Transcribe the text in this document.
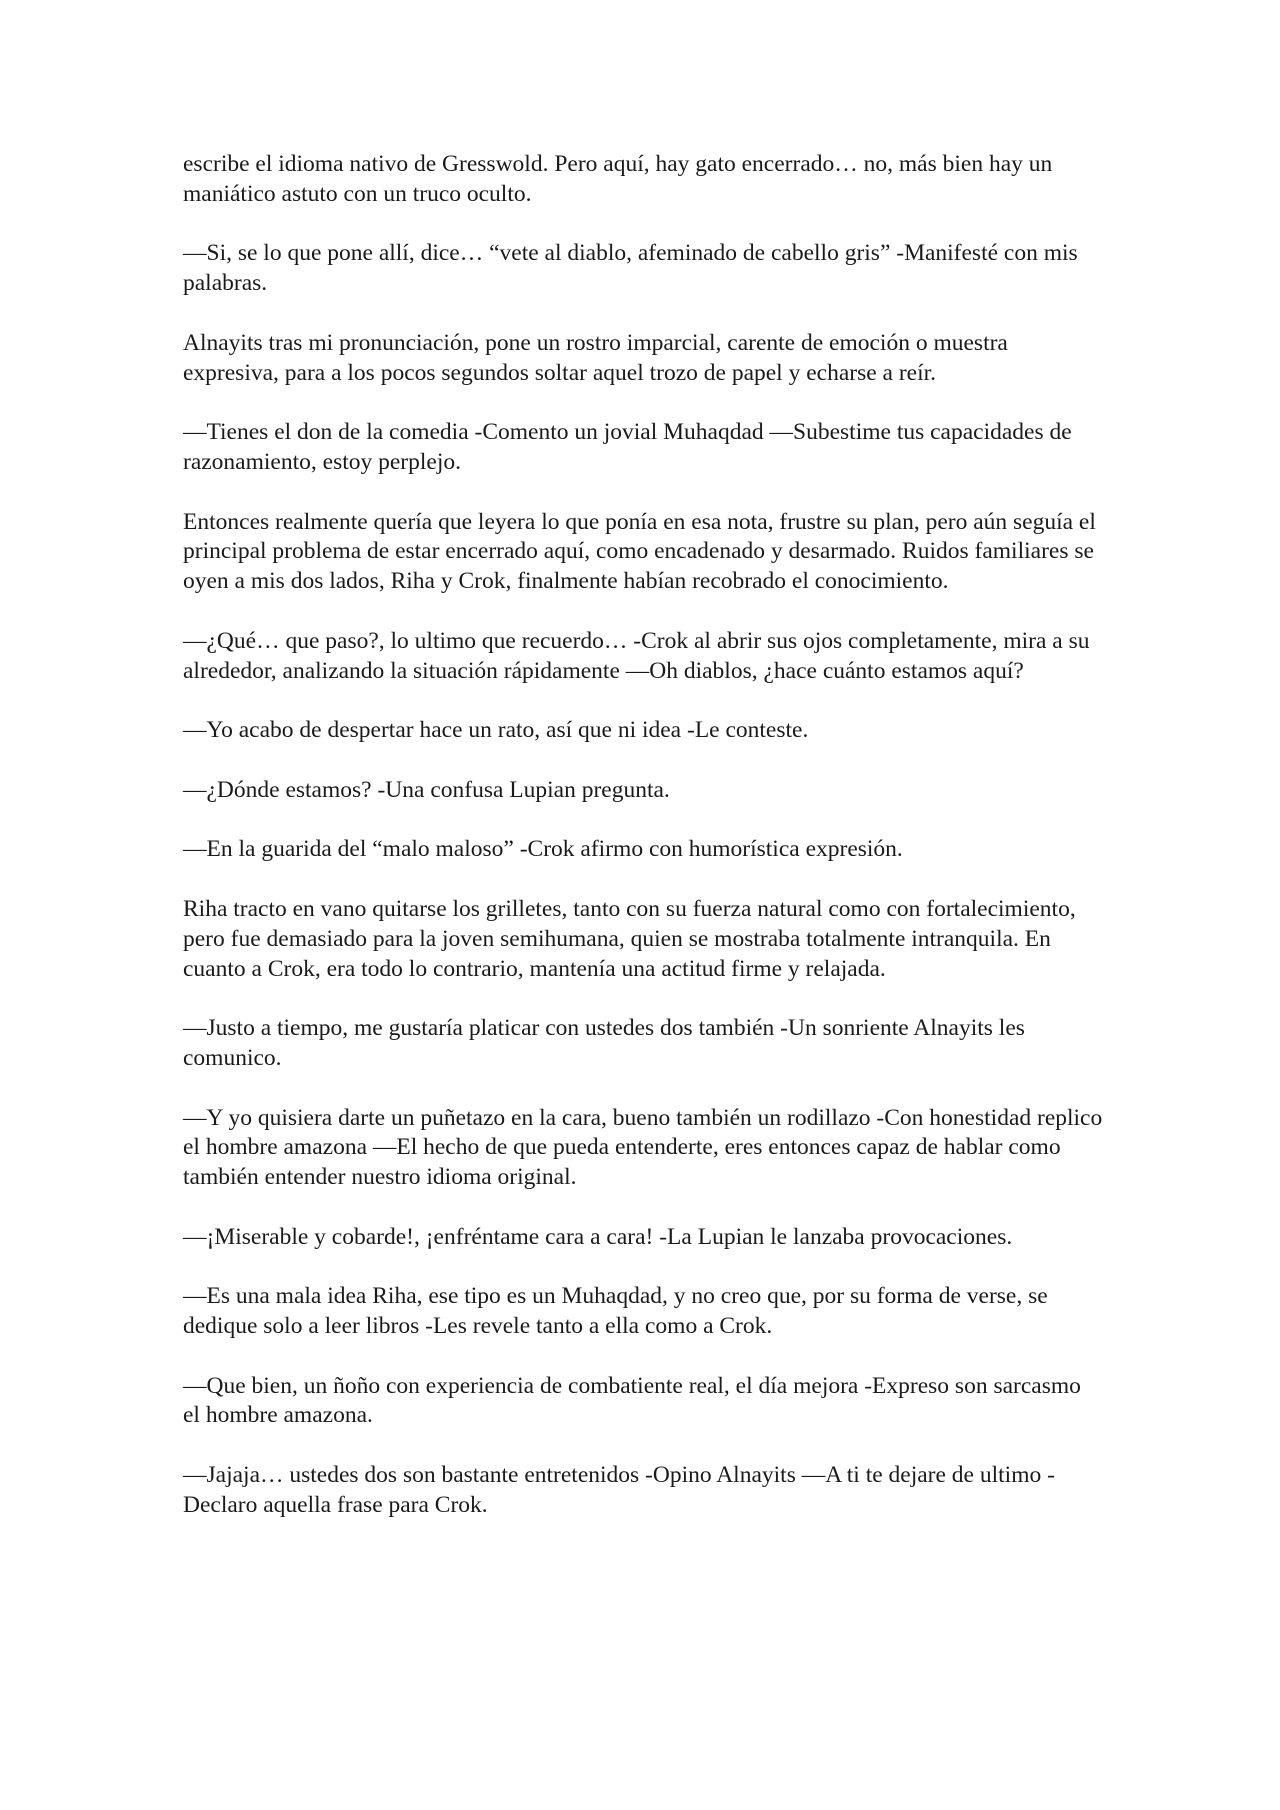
escribe el idioma nativo de Gresswold. Pero aquí, hay gato encerrado… no, más bien hay un maniático astuto con un truco oculto.

—Si, se lo que pone allí, dice… “vete al diablo, afeminado de cabello gris” -Manifesté con mis palabras.

Alnayits tras mi pronunciación, pone un rostro imparcial, carente de emoción o muestra expresiva, para a los pocos segundos soltar aquel trozo de papel y echarse a reír.

—Tienes el don de la comedia -Comento un jovial Muhaqdad —Subestime tus capacidades de razonamiento, estoy perplejo.

Entonces realmente quería que leyera lo que ponía en esa nota, frustre su plan, pero aún seguía el principal problema de estar encerrado aquí, como encadenado y desarmado. Ruidos familiares se oyen a mis dos lados, Riha y Crok, finalmente habían recobrado el conocimiento.

—¿Qué… que paso?, lo ultimo que recuerdo… -Crok al abrir sus ojos completamente, mira a su alrededor, analizando la situación rápidamente —Oh diablos, ¿hace cuánto estamos aquí?

—Yo acabo de despertar hace un rato, así que ni idea -Le conteste.

—¿Dónde estamos? -Una confusa Lupian pregunta.

—En la guarida del “malo maloso” -Crok afirmo con humorística expresión.

Riha tracto en vano quitarse los grilletes, tanto con su fuerza natural como con fortalecimiento, pero fue demasiado para la joven semihumana, quien se mostraba totalmente intranquila. En cuanto a Crok, era todo lo contrario, mantenía una actitud firme y relajada.

—Justo a tiempo, me gustaría platicar con ustedes dos también -Un sonriente Alnayits les comunico.

—Y yo quisiera darte un puñetazo en la cara, bueno también un rodillazo -Con honestidad replico el hombre amazona —El hecho de que pueda entenderte, eres entonces capaz de hablar como también entender nuestro idioma original.

—¡Miserable y cobarde!, ¡enfréntame cara a cara! -La Lupian le lanzaba provocaciones.

—Es una mala idea Riha, ese tipo es un Muhaqdad, y no creo que, por su forma de verse, se dedique solo a leer libros -Les revele tanto a ella como a Crok.

—Que bien, un ñoño con experiencia de combatiente real, el día mejora -Expreso son sarcasmo el hombre amazona.

—Jajaja… ustedes dos son bastante entretenidos -Opino Alnayits —A ti te dejare de ultimo -Declaro aquella frase para Crok.
